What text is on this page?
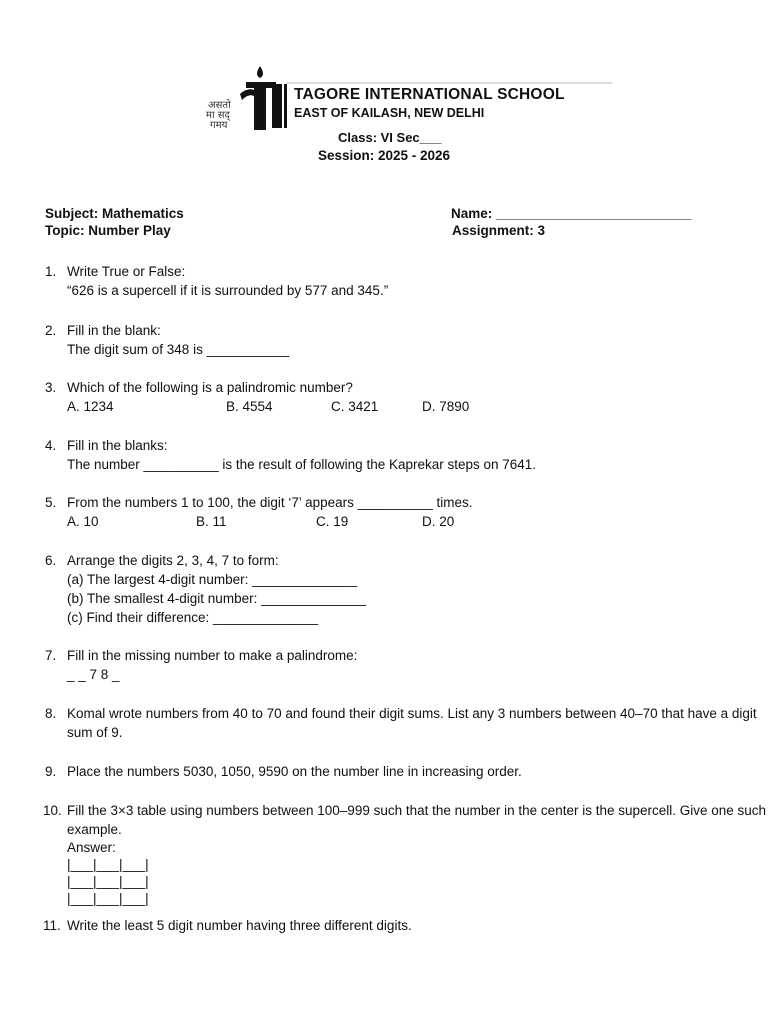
असतो
मा सद्
गमय
TAGORE INTERNATIONAL SCHOOL
EAST OF KAILASH, NEW DELHI
Class: VI Sec___
Session: 2025 - 2026
Subject: Mathematics
Topic: Number Play
Name: __________________________
Assignment: 3
1. Write True or False:
“626 is a supercell if it is surrounded by 577 and 345.”
2. Fill in the blank:
The digit sum of 348 is ___________
3. Which of the following is a palindromic number?
A. 1234	B. 4554	C. 3421	D. 7890
4. Fill in the blanks:
The number __________ is the result of following the Kaprekar steps on 7641.
5. From the numbers 1 to 100, the digit ‘7’ appears __________ times.
A. 10	B. 11	C. 19	D. 20
6. Arrange the digits 2, 3, 4, 7 to form:
(a) The largest 4-digit number: ______________
(b) The smallest 4-digit number: ______________
(c) Find their difference: ______________
7. Fill in the missing number to make a palindrome:
_ _ 7 8 _
8. Komal wrote numbers from 40 to 70 and found their digit sums. List any 3 numbers between 40–70 that have a digit
sum of 9.
9. Place the numbers 5030, 1050, 9590 on the number line in increasing order.
10. Fill the 3×3 table using numbers between 100–999 such that the number in the center is the supercell. Give one such
example.
Answer:
|___|___|___|
|___|___|___|
|___|___|___|
11. Write the least 5 digit number having three different digits.
